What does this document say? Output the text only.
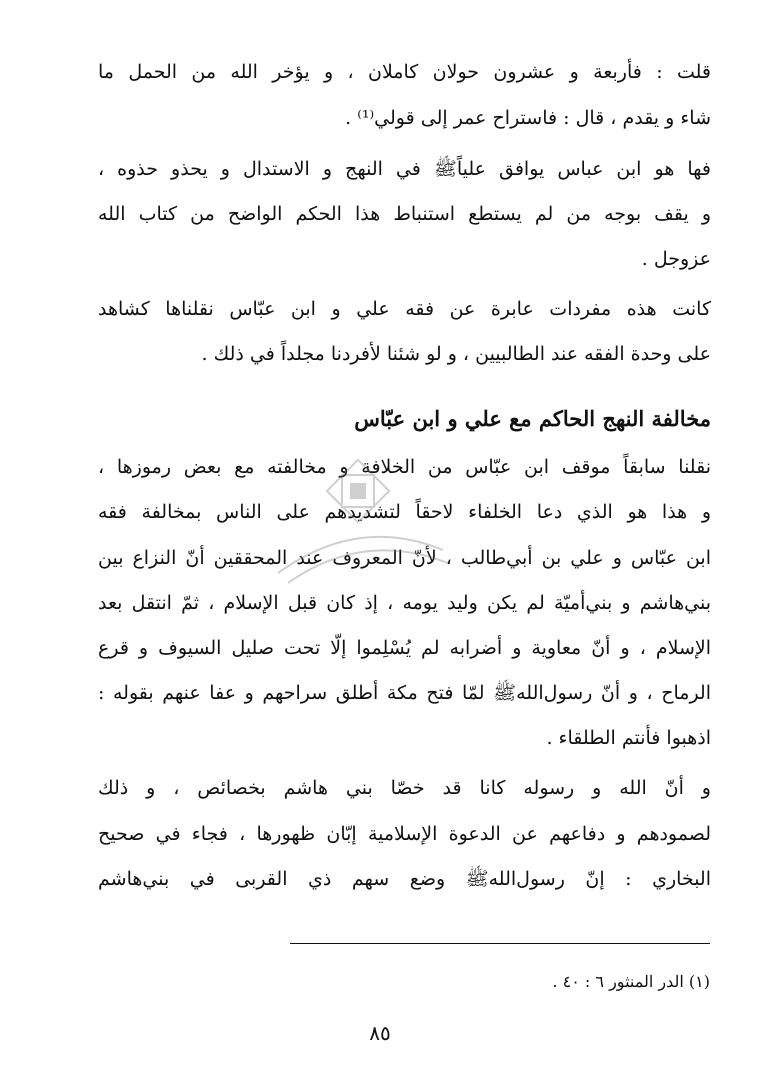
قلت : فأربعة و عشرون حولان كاملان ، و يؤخر الله من الحمل ما
شاء و يقدم ، قال : فاستراح عمر إلى قولي⁽¹⁾ .
فها هو ابن عباس يوافق علياًﷺ في النهج و الاستدال و يحذو حذوه ،
و يقف بوجه من لم يستطع استنباط هذا الحكم الواضح من كتاب الله
عزوجل .
كانت هذه مفردات عابرة عن فقه علي و ابن عبّاس نقلناها كشاهد
على وحدة الفقه عند الطالبيين ، و لو شئنا لأفردنا مجلداً في ذلك .
مخالفة النهج الحاكم مع علي و ابن عبّاس
نقلنا سابقاً موقف ابن عبّاس من الخلافة و مخالفته مع بعض رموزها ،
و هذا هو الذي دعا الخلفاء لاحقاً لتشديدهم على الناس بمخالفة فقه
ابن عبّاس و علي بن أبي‌طالب ، لأنّ المعروف عند المحققين أنّ النزاع بين
بني‌هاشم و بني‌أميّة لم يكن وليد يومه ، إذ كان قبل الإسلام ، ثمّ انتقل بعد
الإسلام ، و أنّ معاوية و أضرابه لم يُسْلِموا إلّا تحت صليل السيوف و قرع
الرماح ، و أنّ رسول‌اللهﷺ لمّا فتح مكة أطلق سراحهم و عفا عنهم بقوله :
اذهبوا فأنتم الطلقاء .
و أنّ الله و رسوله كانا قد خصّا بني هاشم بخصائص ، و ذلك
لصمودهم و دفاعهم عن الدعوة الإسلامية إبّان ظهورها ، فجاء في صحيح
البخاري : إنّ رسول‌اللهﷺ وضع سهم ذي القربى في بني‌هاشم
(١) الدر المنثور ٦ : ٤٠ .
٨٥
